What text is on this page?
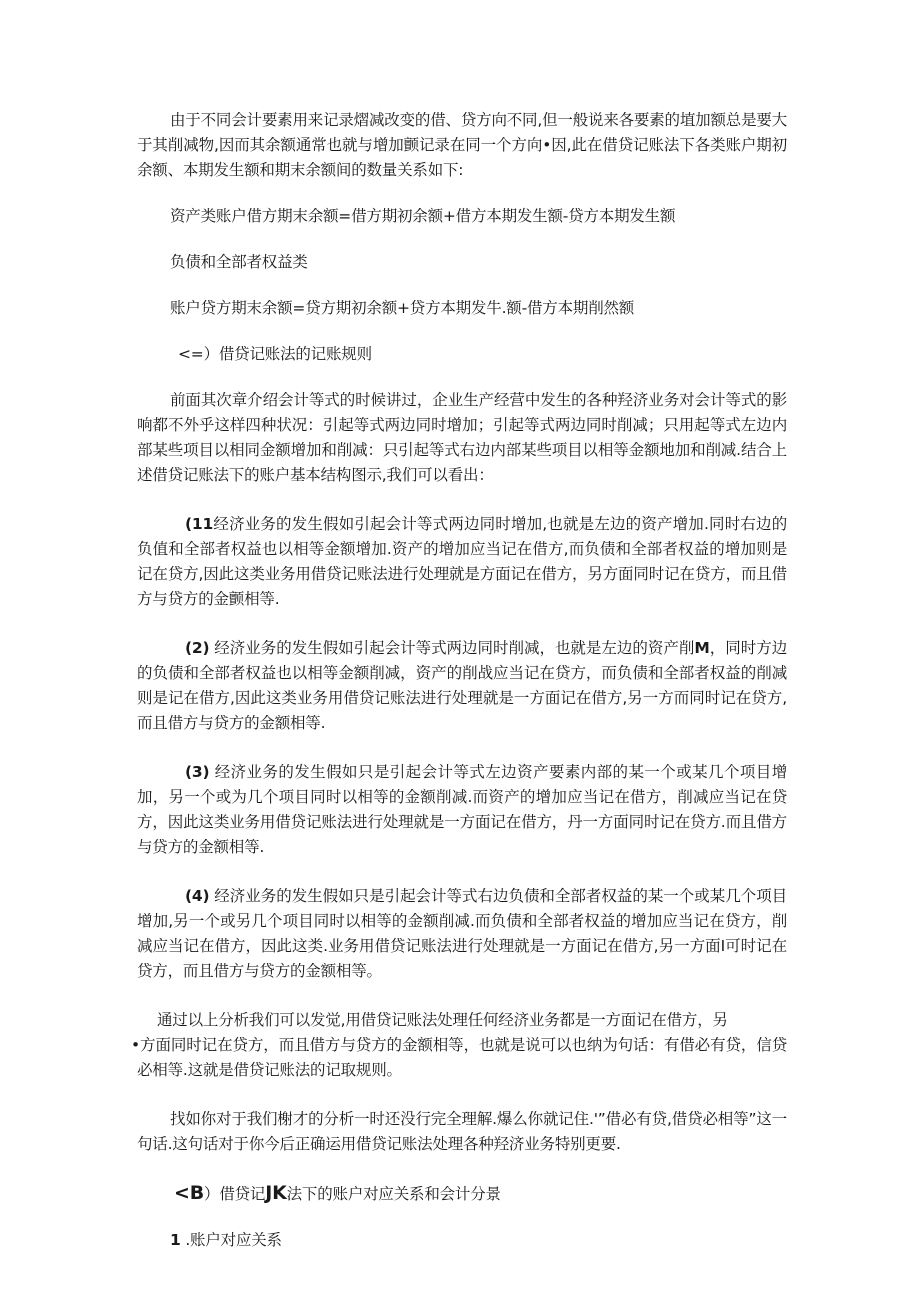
由于不同会计要素用来记录熠减改变的借、贷方向不同,但一般说来各要素的埴加额总是要大于其削减物,因而其余额通常也就与增加颤记录在同一个方向•因,此在借贷记账法下各类账户期初余额、本期发生额和期末余额间的数量关系如下:

资产类账户借方期末余额=借方期初余额+借方本期发生额-贷方本期发生额

负债和全部者权益类

账户贷方期末余额=贷方期初余额+贷方本期发牛.额-借方本期削然额

<=）借贷记账法的记账规则

前面其次章介绍会计等式的时候讲过，企业生产经营中发生的各种羟济业务对会计等式的影响都不外乎这样四种状况：引起等式两边同时增加；引起等式两边同时削减；只用起等式左边内部某些项目以相同金额增加和削减：只引起等式右边内部某些项目以相等金额地加和削减.结合上述借贷记账法下的账户基本结构图示,我们可以看出：

(11经济业务的发生假如引起会计等式两边同时增加,也就是左边的资产增加.同时右边的负值和全部者权益也以相等金额增加.资产的增加应当记在借方,而负债和全部者权益的增加则是记在贷方,因此这类业务用借贷记账法进行处理就是方面记在借方，另方面同时记在贷方，而且借方与贷方的金颤相等.

(2) 经济业务的发生假如引起会计等式两边同时削减，也就是左边的资产削M，同时方边的负债和全部者权益也以相等金额削减，资产的削战应当记在贷方，而负债和全部者权益的削减则是记在借方,因此这类业务用借贷记账法进行处理就是一方面记在借方,另一方而同时记在贷方,而且借方与贷方的金额相等.

(3) 经济业务的发生假如只是引起会计等式左边资产要素内部的某一个或某几个项目增加，另一个或为几个项目同时以相等的金额削减.而资产的增加应当记在借方，削减应当记在贷方，因此这类业务用借贷记账法进行处理就是一方面记在借方，丹一方面同时记在贷方.而且借方与贷方的金额相等.

(4) 经济业务的发生假如只是引起会计等式右边负债和全部者权益的某一个或某几个项目增加,另一个或另几个项目同时以相等的金额削减.而负债和全部者权益的增加应当记在贷方，削减应当记在借方，因此这类.业务用借贷记账法进行处理就是一方面记在借方,另一方面I可时记在贷方，而且借方与贷方的金额相等。

通过以上分析我们可以发觉,用借贷记账法处理任何经济业务都是一方面记在借方，另

•方面同时记在贷方，而且借方与贷方的金额相等，也就是说可以也纳为句话：有借必有贷，信贷必相等.这就是借贷记账法的记取规则。

找如你对于我们榭才的分析一时还没行完全理解.爆么你就记住.'”借必有贷,借贷必相等”这一句话.这句话对于你今后正确运用借贷记账法处理各种羟济业务特别更要.

<B）借贷记JK法下的账户对应关系和会计分景

1 .账户对应关系
